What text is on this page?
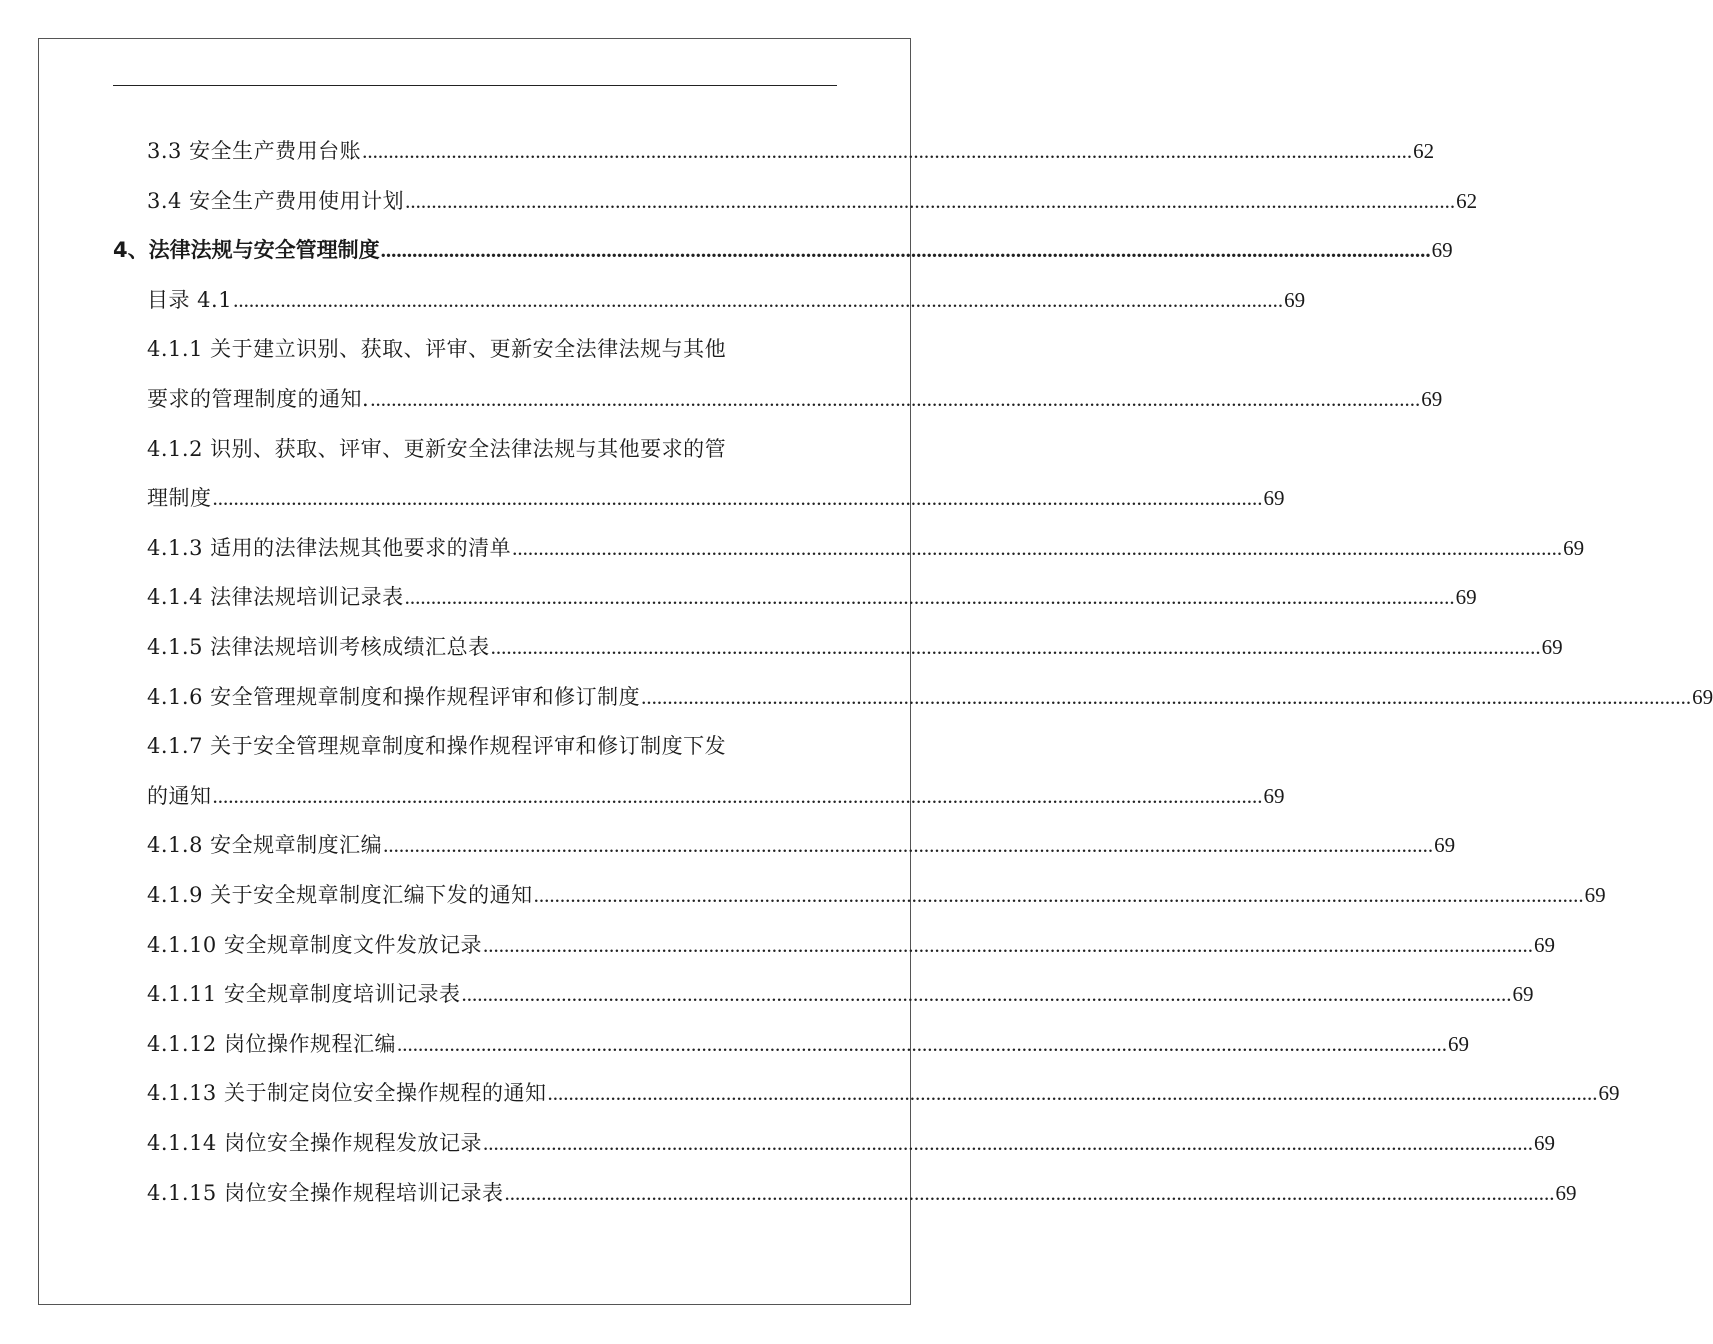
3.3 安全生产费用台账 ........................................................................................................................................................................................................ 62
3.4 安全生产费用使用计划 ........................................................................................................................................................................................................ 62
4、法律法规与安全管理制度 ........................................................................................................................................................................................................ 69
目录 4.1 ........................................................................................................................................................................................................ 69
4.1.1 关于建立识别、获取、评审、更新安全法律法规与其他
要求的管理制度的通知. ........................................................................................................................................................................................................ 69
4.1.2 识别、获取、评审、更新安全法律法规与其他要求的管
理制度 ........................................................................................................................................................................................................ 69
4.1.3 适用的法律法规其他要求的清单 ........................................................................................................................................................................................................ 69
4.1.4 法律法规培训记录表 ........................................................................................................................................................................................................ 69
4.1.5 法律法规培训考核成绩汇总表 ........................................................................................................................................................................................................ 69
4.1.6 安全管理规章制度和操作规程评审和修订制度 ........................................................................................................................................................................................................ 69
4.1.7 关于安全管理规章制度和操作规程评审和修订制度下发
的通知 ........................................................................................................................................................................................................ 69
4.1.8 安全规章制度汇编 ........................................................................................................................................................................................................ 69
4.1.9 关于安全规章制度汇编下发的通知 ........................................................................................................................................................................................................ 69
4.1.10 安全规章制度文件发放记录 ........................................................................................................................................................................................................ 69
4.1.11 安全规章制度培训记录表 ........................................................................................................................................................................................................ 69
4.1.12 岗位操作规程汇编 ........................................................................................................................................................................................................ 69
4.1.13 关于制定岗位安全操作规程的通知 ........................................................................................................................................................................................................ 69
4.1.14 岗位安全操作规程发放记录 ........................................................................................................................................................................................................ 69
4.1.15 岗位安全操作规程培训记录表 ........................................................................................................................................................................................................ 69
